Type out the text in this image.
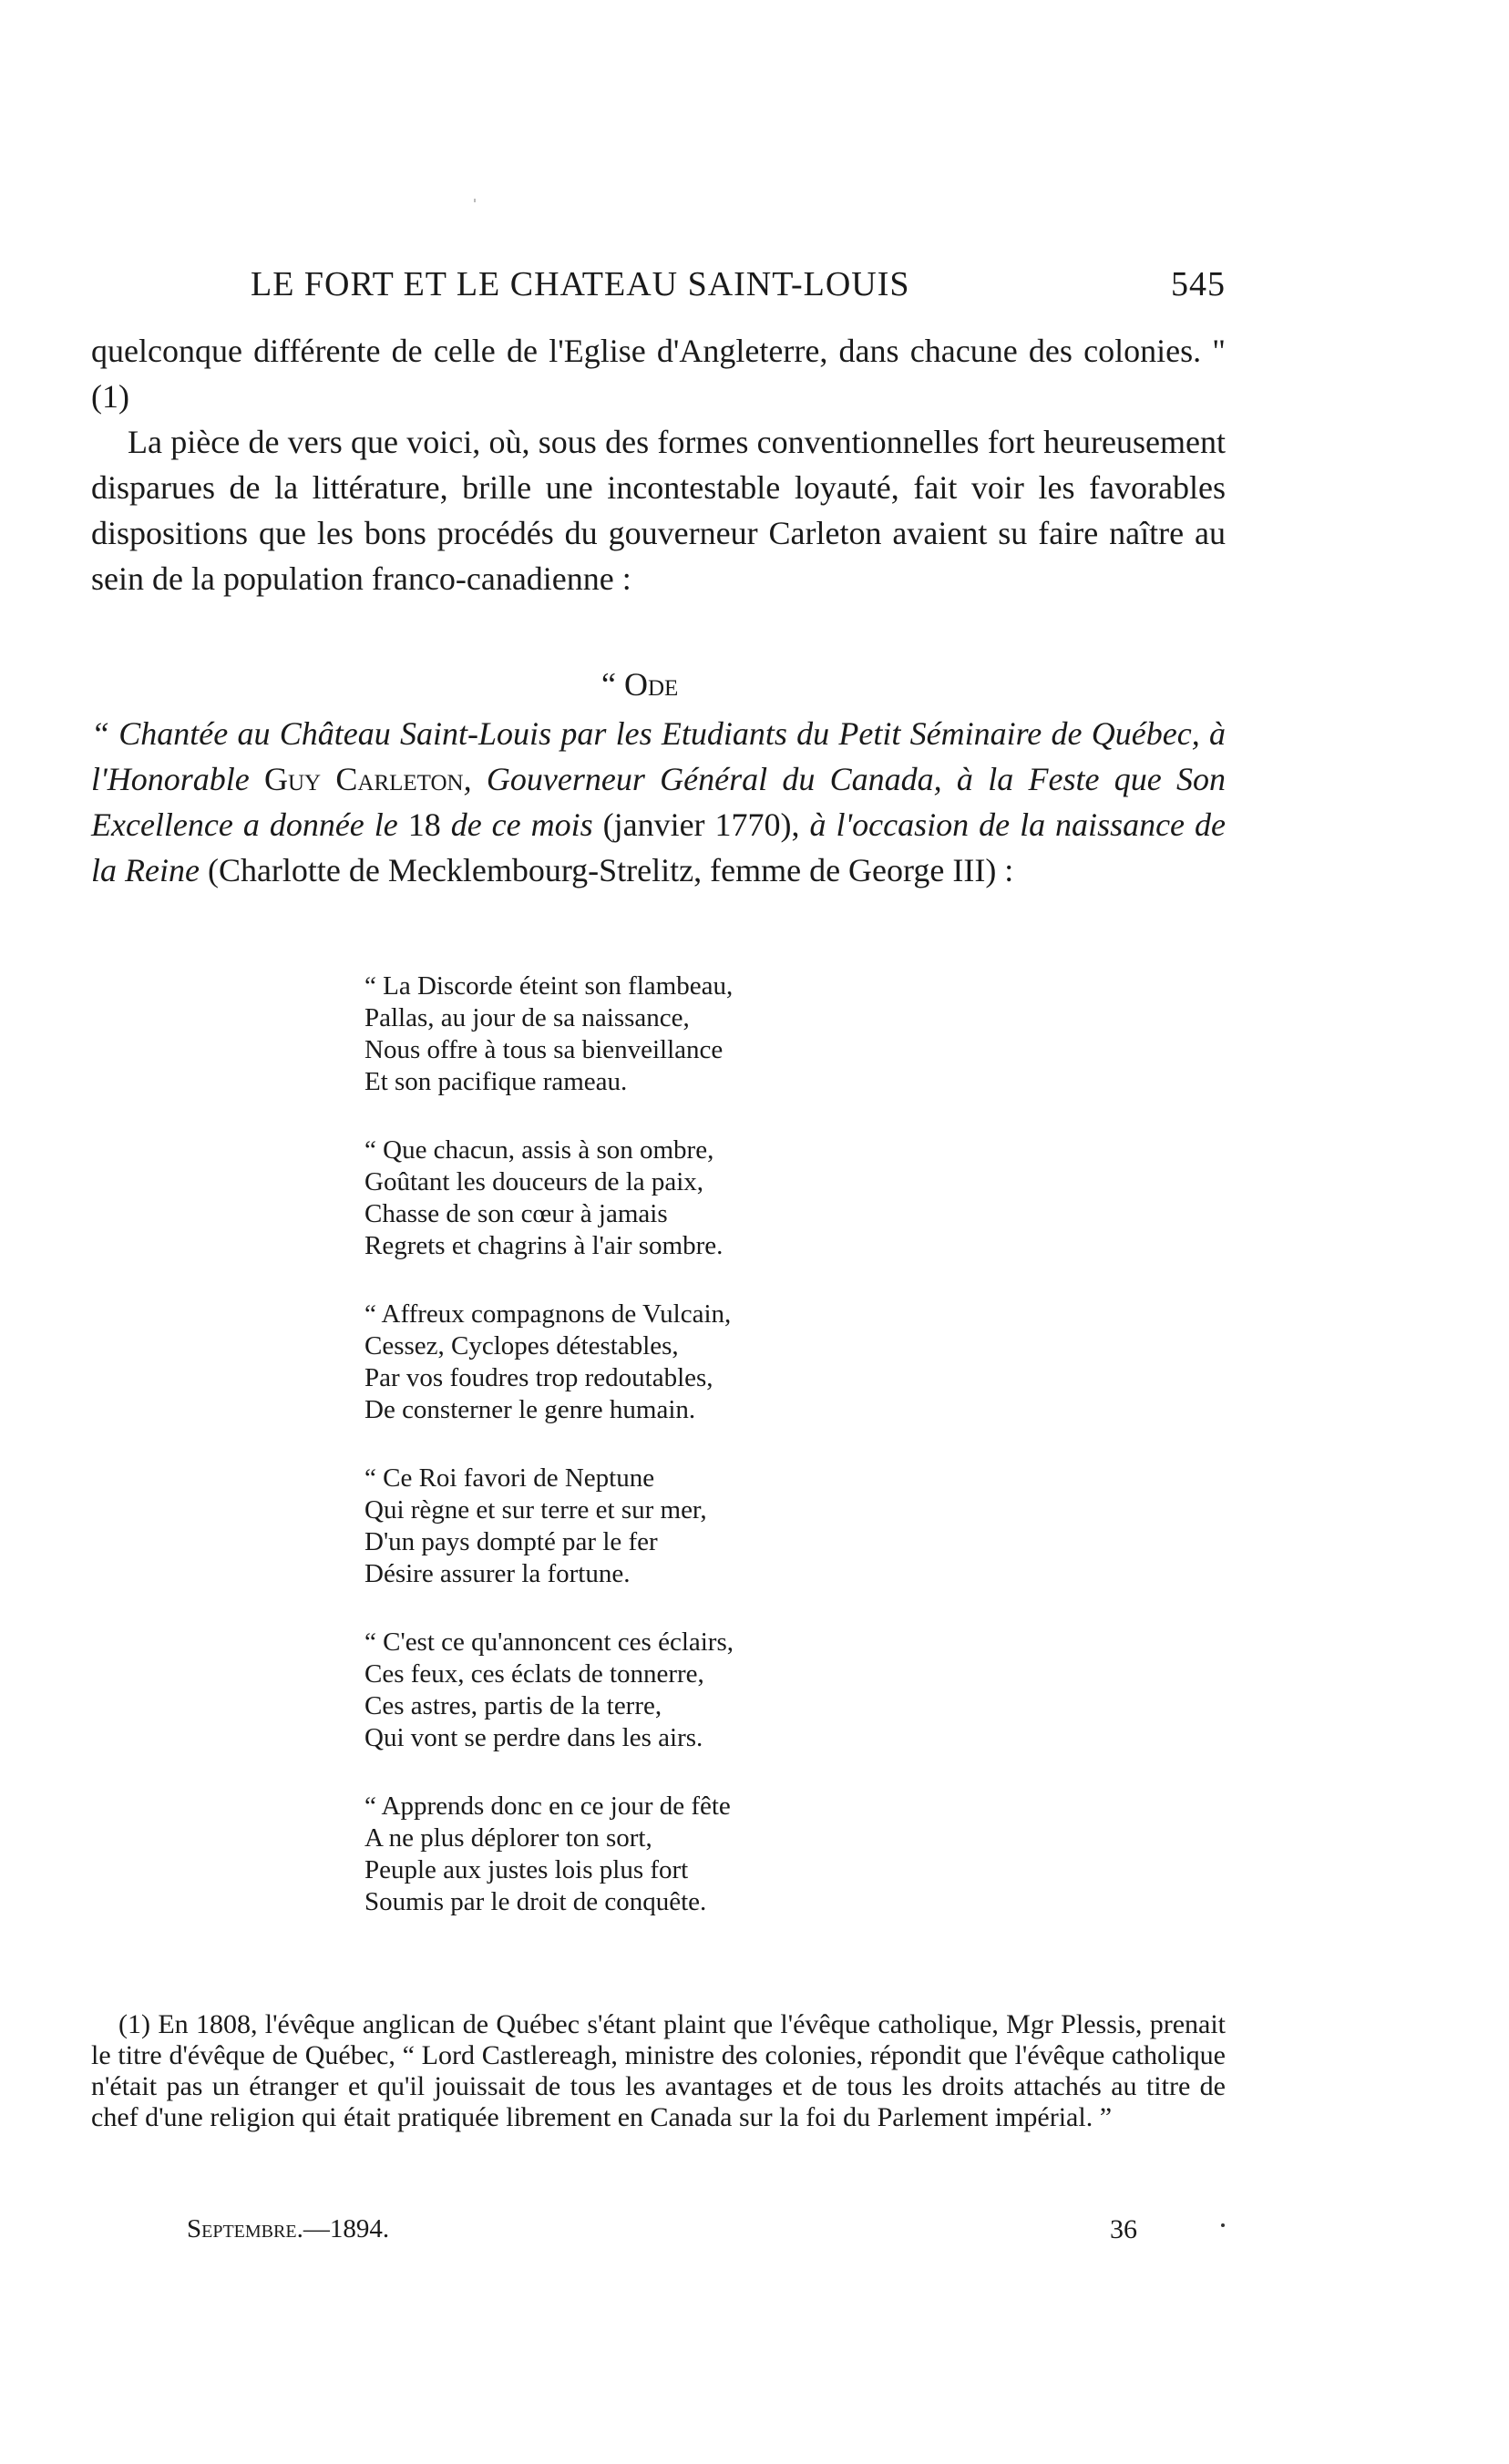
LE FORT ET LE CHATEAU SAINT-LOUIS	545

quelconque différente de celle de l'Eglise d'Angleterre, dans chacune des colonies. " (1)

La pièce de vers que voici, où, sous des formes conventionnelles fort heureusement disparues de la littérature, brille une incontestable loyauté, fait voir les favorables dispositions que les bons procédés du gouverneur Carleton avaient su faire naître au sein de la population franco-canadienne :

“ Ode
“ Chantée au Château Saint-Louis par les Etudiants du Petit Séminaire de Québec, à l'Honorable Guy Carleton, Gouverneur Général du Canada, à la Feste que Son Excellence a donnée le 18 de ce mois (janvier 1770), à l'occasion de la naissance de la Reine (Charlotte de Mecklembourg-Strelitz, femme de George III) :
“ La Discorde éteint son flambeau,
Pallas, au jour de sa naissance,
Nous offre à tous sa bienveillance
Et son pacifique rameau.
“ Que chacun, assis à son ombre,
Goûtant les douceurs de la paix,
Chasse de son cœur à jamais
Regrets et chagrins à l'air sombre.
“ Affreux compagnons de Vulcain,
Cessez, Cyclopes détestables,
Par vos foudres trop redoutables,
De consterner le genre humain.
“ Ce Roi favori de Neptune
Qui règne et sur terre et sur mer,
D'un pays dompté par le fer
Désire assurer la fortune.
“ C'est ce qu'annoncent ces éclairs,
Ces feux, ces éclats de tonnerre,
Ces astres, partis de la terre,
Qui vont se perdre dans les airs.
“ Apprends donc en ce jour de fête
A ne plus déplorer ton sort,
Peuple aux justes lois plus fort
Soumis par le droit de conquête.

(1) En 1808, l'évêque anglican de Québec s'étant plaint que l'évêque catholique, Mgr Plessis, prenait le titre d'évêque de Québec, “ Lord Castlereagh, ministre des colonies, répondit que l'évêque catholique n'était pas un étranger et qu'il jouissait de tous les avantages et de tous les droits attachés au titre de chef d'une religion qui était pratiquée librement en Canada sur la foi du Parlement impérial. ”

Septembre.—1894.	36
